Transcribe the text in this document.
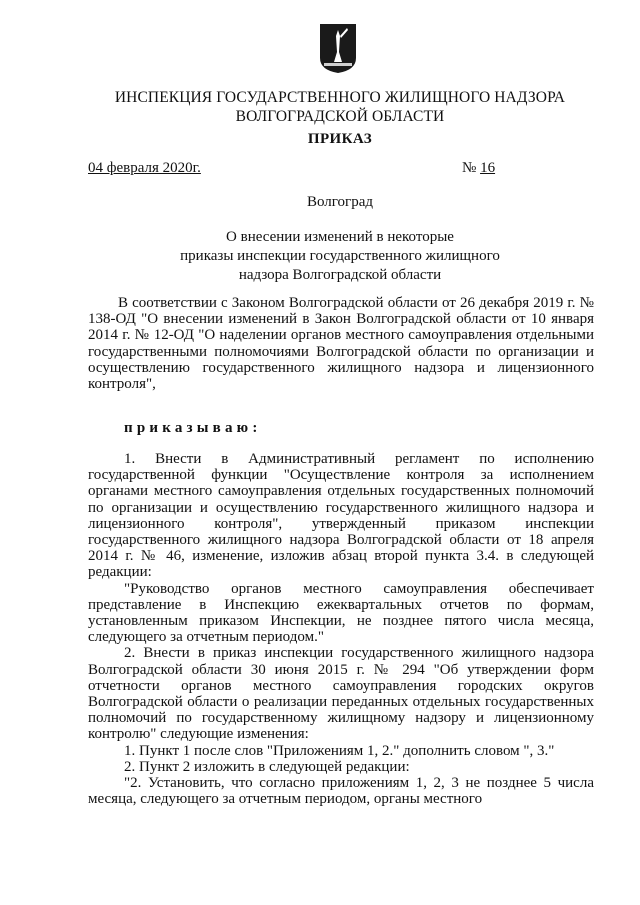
ИНСПЕКЦИЯ ГОСУДАРСТВЕННОГО ЖИЛИЩНОГО НАДЗОРА
ВОЛГОГРАДСКОЙ ОБЛАСТИ
ПРИКАЗ
04 февраля 2020г.	№ 16
Волгоград
О внесении изменений в некоторые
приказы инспекции государственного жилищного
надзора Волгоградской области

В соответствии с Законом Волгоградской области от 26 декабря 2019 г. № 138-ОД "О внесении изменений в Закон Волгоградской области от 10 января 2014 г. № 12-ОД "О наделении органов местного самоуправления отдельными государственными полномочиями Волгоградской области по организации и осуществлению государственного жилищного надзора и лицензионного контроля",

приказываю:

1. Внести в Административный регламент по исполнению государственной функции "Осуществление контроля за исполнением органами местного самоуправления отдельных государственных полномочий по организации и осуществлению государственного жилищного надзора и лицензионного контроля", утвержденный приказом инспекции государственного жилищного надзора Волгоградской области от 18 апреля 2014 г. № 46, изменение, изложив абзац второй пункта 3.4. в следующей редакции:

"Руководство органов местного самоуправления обеспечивает представление в Инспекцию ежеквартальных отчетов по формам, установленным приказом Инспекции, не позднее пятого числа месяца, следующего за отчетным периодом."

2. Внести в приказ инспекции государственного жилищного надзора Волгоградской области 30 июня 2015 г. № 294 "Об утверждении форм отчетности органов местного самоуправления городских округов Волгоградской области о реализации переданных отдельных государственных полномочий по государственному жилищному надзору и лицензионному контролю" следующие изменения:

1. Пункт 1 после слов "Приложениям 1, 2." дополнить словом ", 3."

2. Пункт 2 изложить в следующей редакции:

"2. Установить, что согласно приложениям 1, 2, 3 не позднее 5 числа месяца, следующего за отчетным периодом, органы местного
